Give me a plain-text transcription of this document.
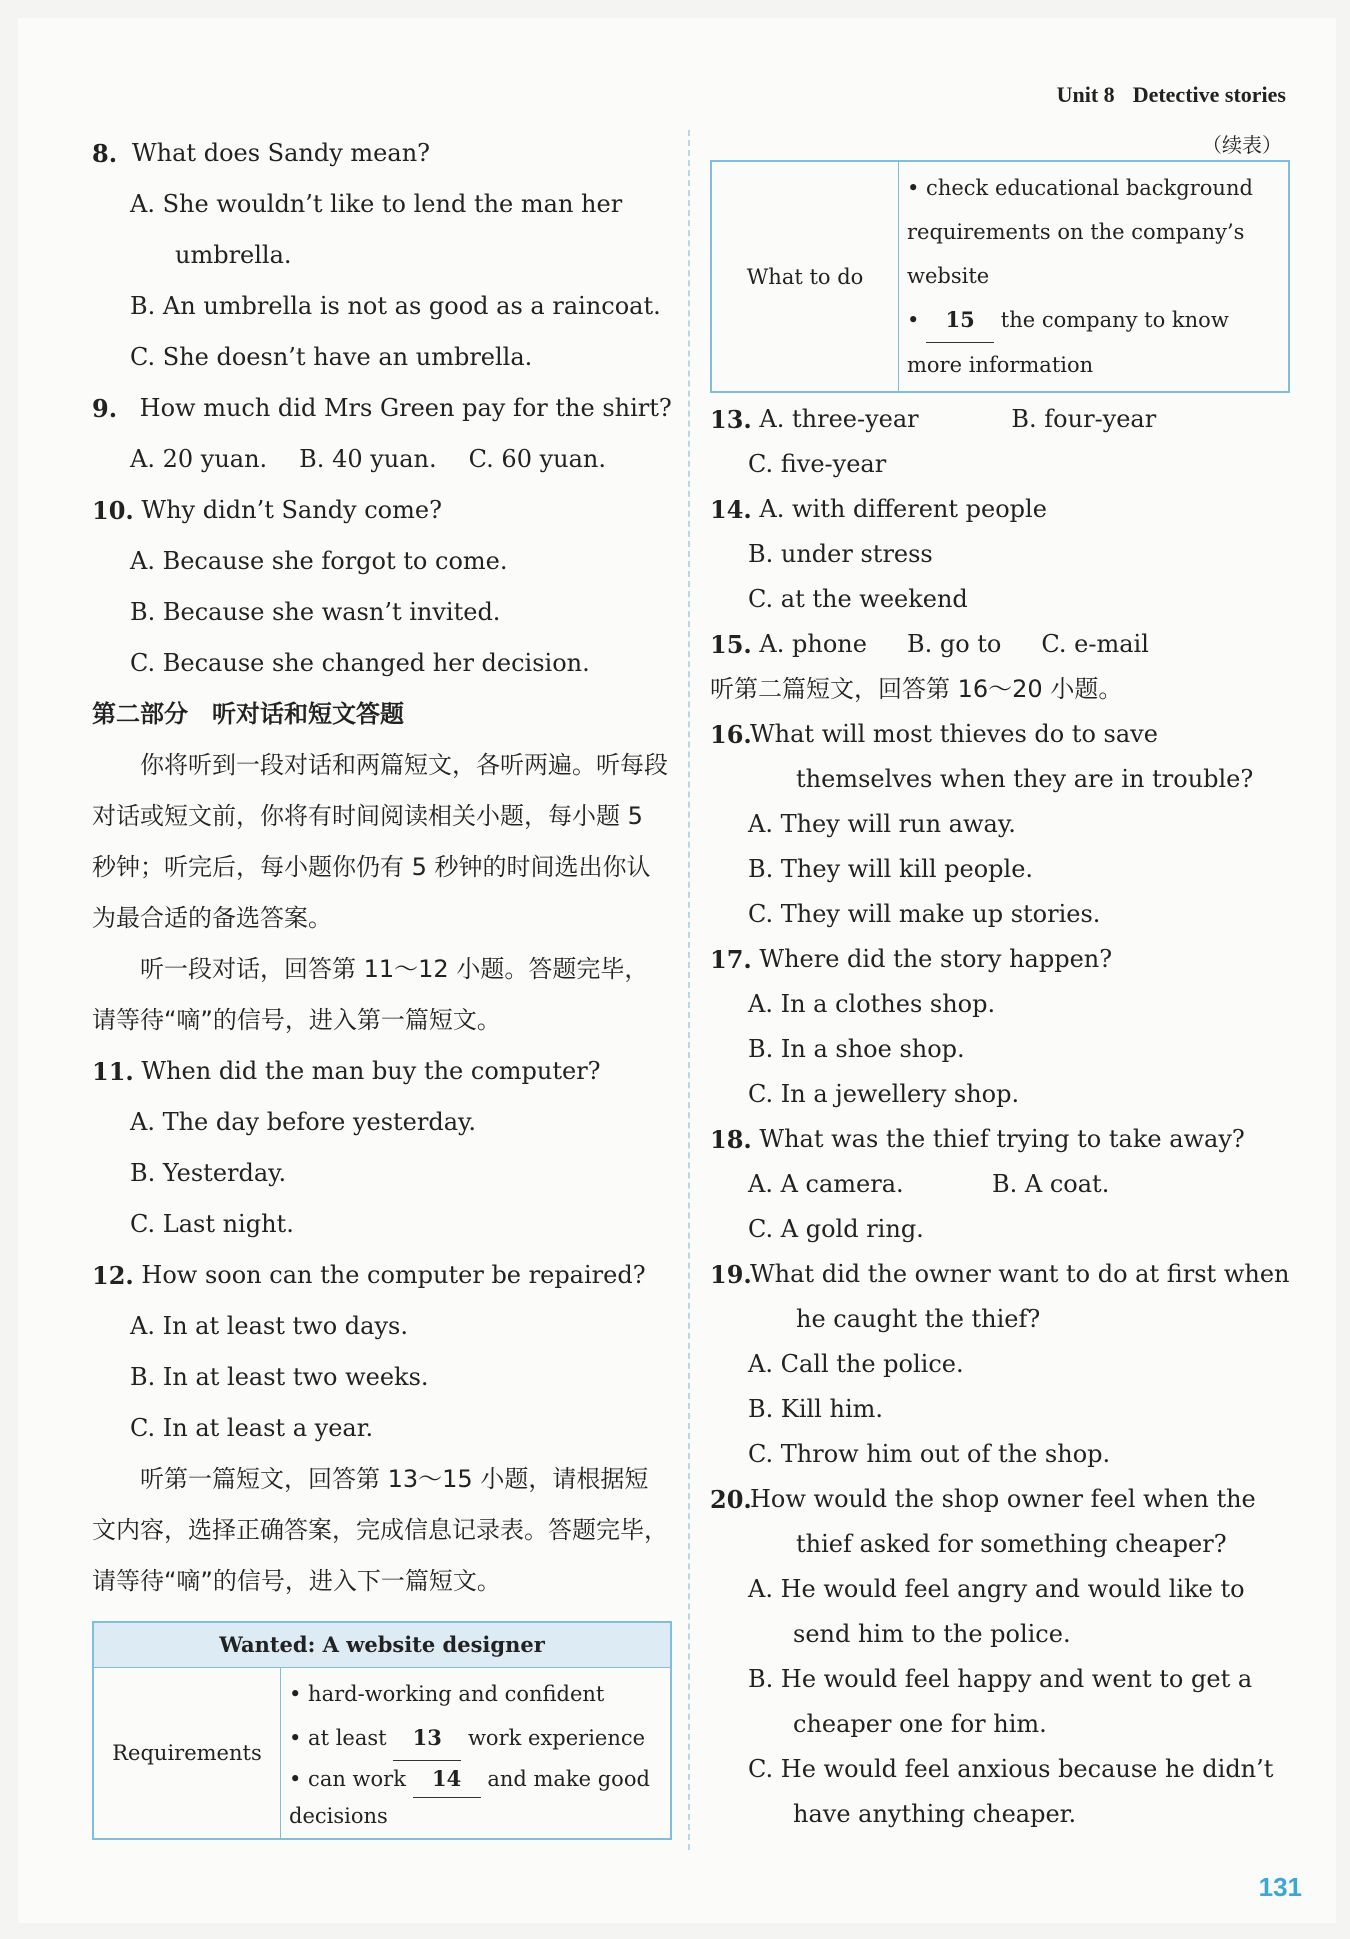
Unit 8 Detective stories
8.
What does Sandy mean?
A. She wouldn’t like to lend the man her umbrella.
B. An umbrella is not as good as a raincoat.
C. She doesn’t have an umbrella.
9.
How much did Mrs Green pay for the shirt?
A. 20 yuan. B. 40 yuan. C. 60 yuan.
10.
Why didn’t Sandy come?
A. Because she forgot to come.
B. Because she wasn’t invited.
C. Because she changed her decision.
第二部分　听对话和短文答题
你将听到一段对话和两篇短文，各听两遍。听每段对话或短文前，你将有时间阅读相关小题，每小题 5 秒钟；听完后，每小题你仍有 5 秒钟的时间选出你认为最合适的备选答案。
听一段对话，回答第 11～12 小题。答题完毕，请等待“嘀”的信号，进入第一篇短文。
11.
When did the man buy the computer?
A. The day before yesterday.
B. Yesterday.
C. Last night.
12.
How soon can the computer be repaired?
A. In at least two days.
B. In at least two weeks.
C. In at least a year.
听第一篇短文，回答第 13～15 小题，请根据短文内容，选择正确答案，完成信息记录表。答题完毕，请等待“嘀”的信号，进入下一篇短文。
Wanted: A website designer
Requirements	
• hard-working and confident
• at least 13 work experience
• can work 14 and make good decisions
（续表）
What to do	
• check educational background requirements on the company’s website
• 15 the company to know more information
13.
A. three-year	B. four-year
C. five-year
14.
A. with different people
B. under stress
C. at the weekend
15.
A. phone B. go to C. e-mail
听第二篇短文，回答第 16～20 小题。
16.

What will most thieves do to save themselves when they are in trouble?
A. They will run away.
B. They will kill people.
C. They will make up stories.
17.
Where did the story happen?
A. In a clothes shop.
B. In a shoe shop.
C. In a jewellery shop.
18.
What was the thief trying to take away?
A. A camera.	B. A coat.
C. A gold ring.
19.

What did the owner want to do at first when he caught the thief?
A. Call the police.
B. Kill him.
C. Throw him out of the shop.
20.

How would the shop owner feel when the thief asked for something cheaper?
A. He would feel angry and would like to send him to the police.
B. He would feel happy and went to get a cheaper one for him.
C. He would feel anxious because he didn’t have anything cheaper.
131
